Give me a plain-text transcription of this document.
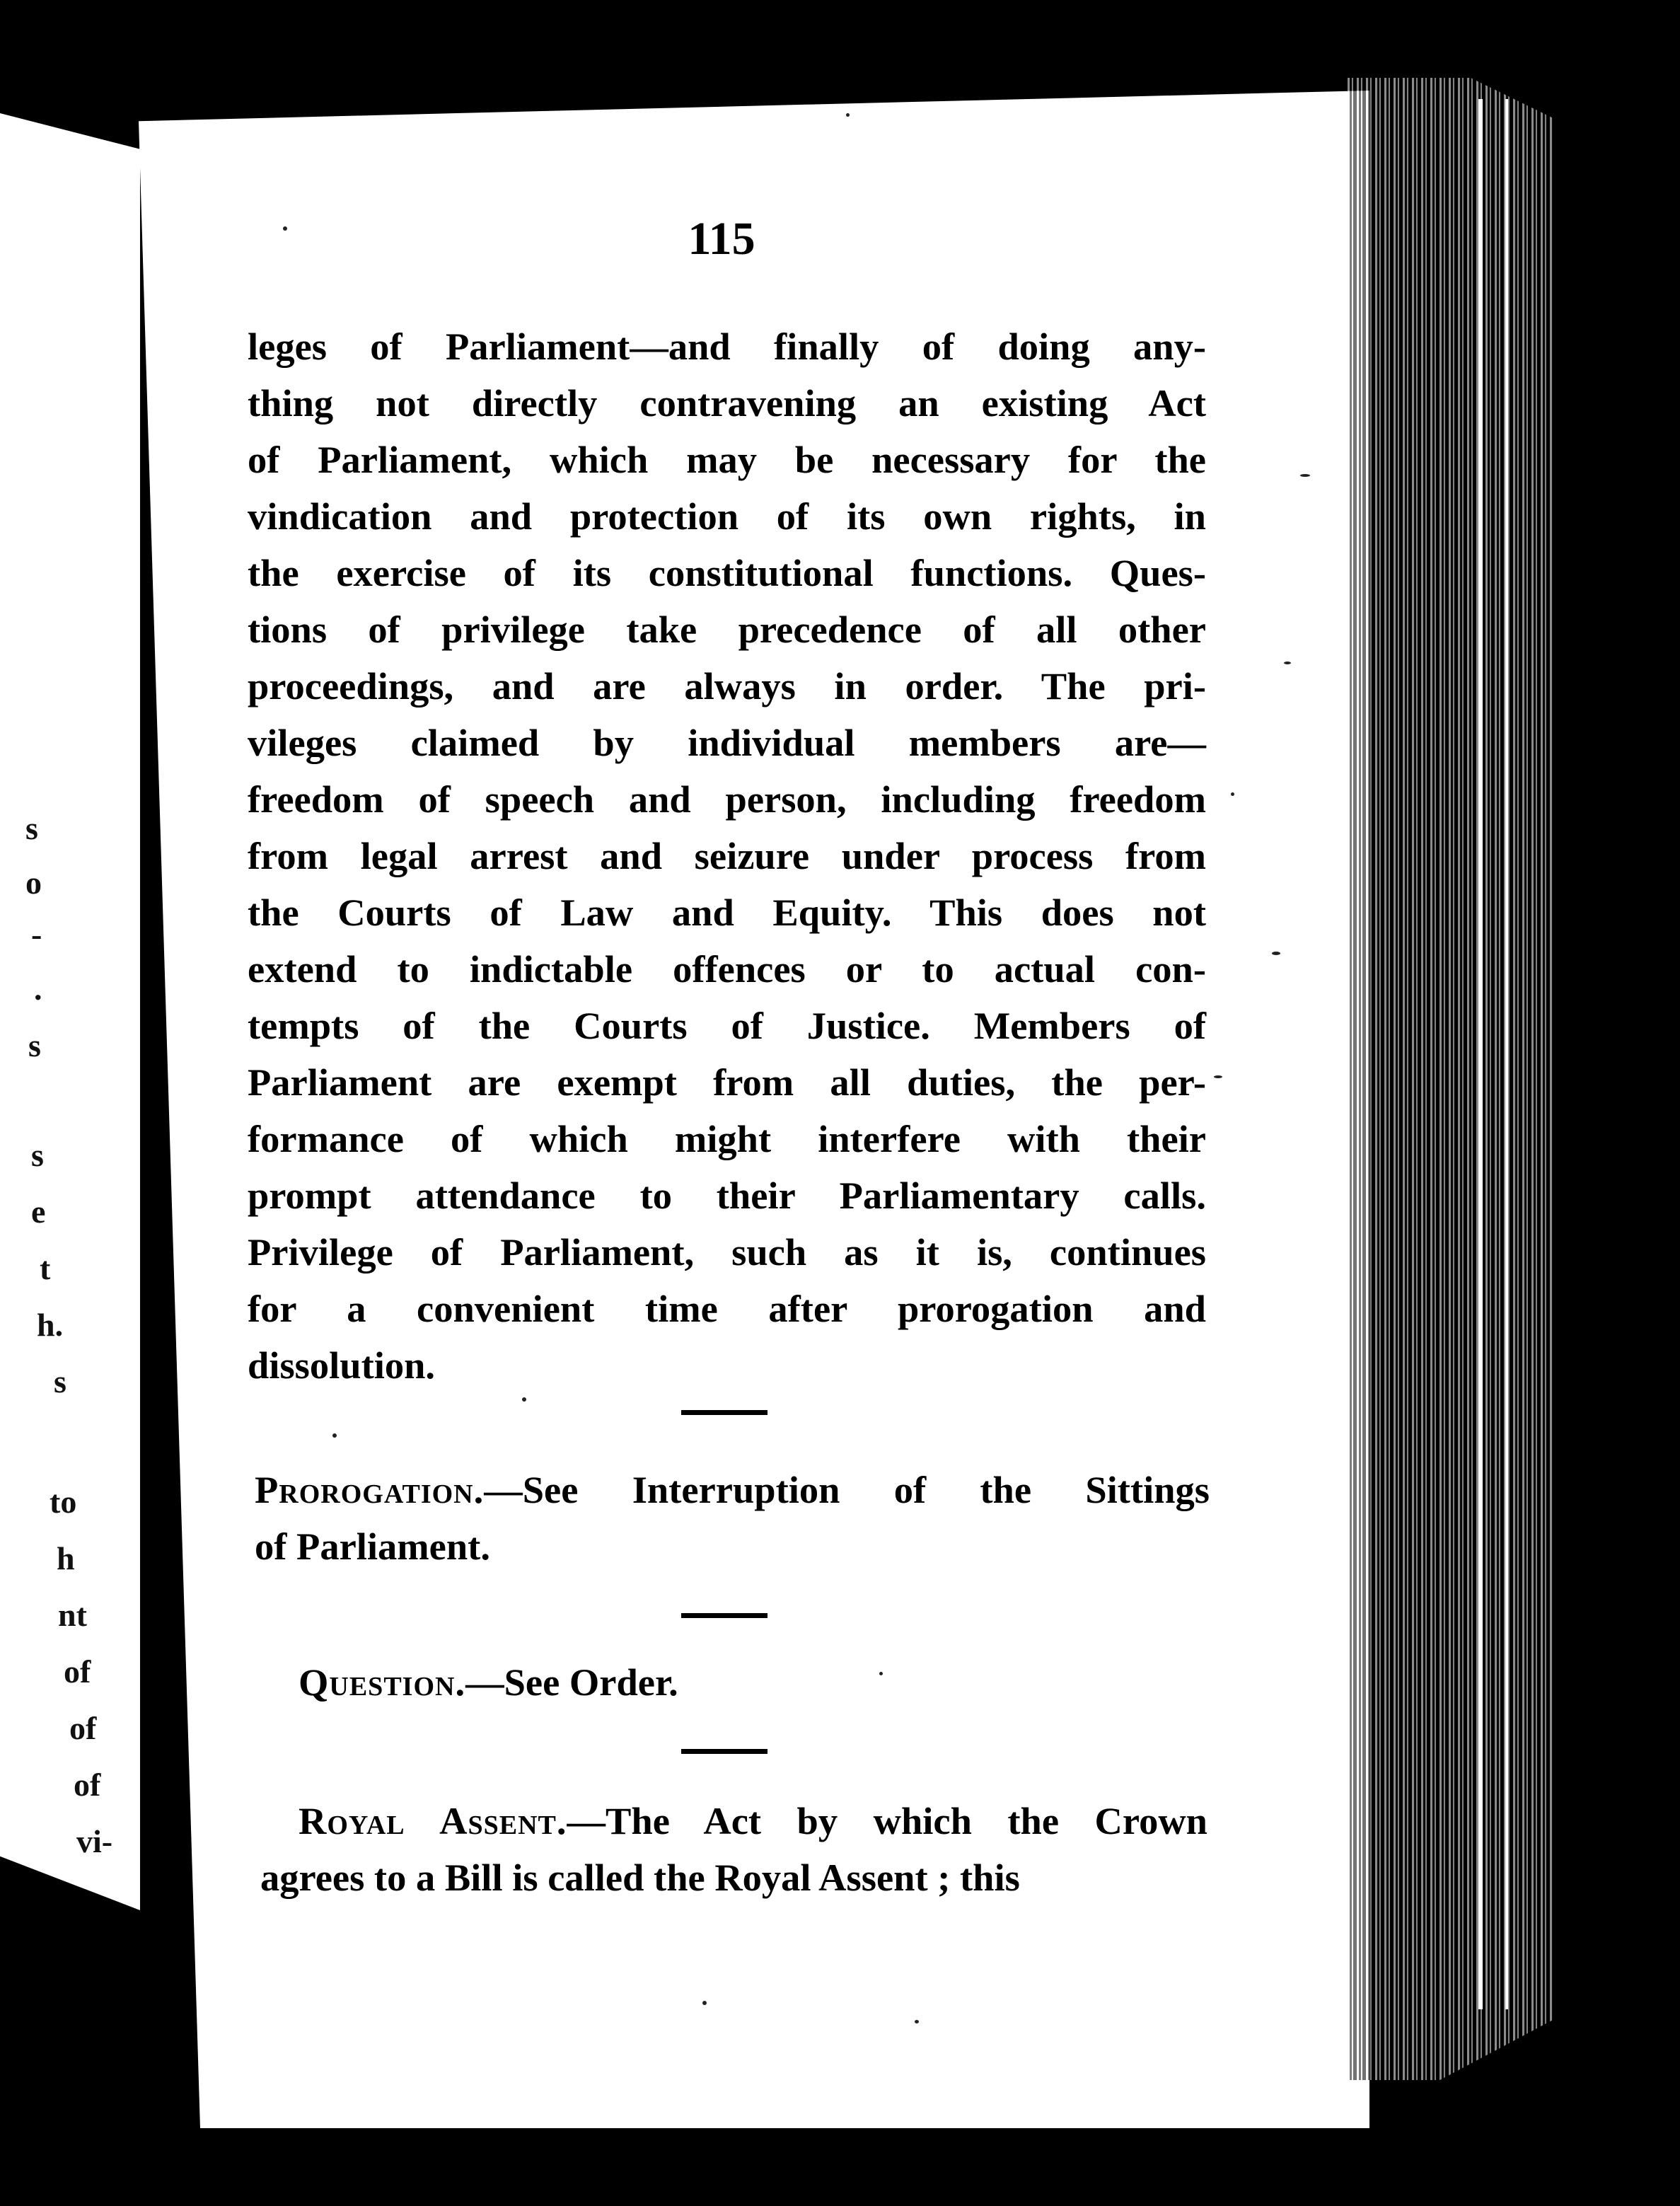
s
o
-
.
s
s
e
t
h.
s
to
h
nt
of
of
of
vi-
115
leges of Parliament—and finally of doing any-
thing not directly contravening an existing Act
of Parliament, which may be necessary for the
vindication and protection of its own rights, in
the exercise of its constitutional functions. Ques-
tions of privilege take precedence of all other
proceedings, and are always in order. The pri-
vileges claimed by individual members are—
freedom of speech and person, including freedom
from legal arrest and seizure under process from
the Courts of Law and Equity. This does not
extend to indictable offences or to actual con-
tempts of the Courts of Justice. Members of
Parliament are exempt from all duties, the per-
formance of which might interfere with their
prompt attendance to their Parliamentary calls.
Privilege of Parliament, such as it is, continues
for a convenient time after prorogation and
dissolution.
Prorogation.—See Interruption of the Sittings
of Parliament.
Question.—See Order.
Royal Assent.—The Act by which the Crown
agrees to a Bill is called the Royal Assent ; this
